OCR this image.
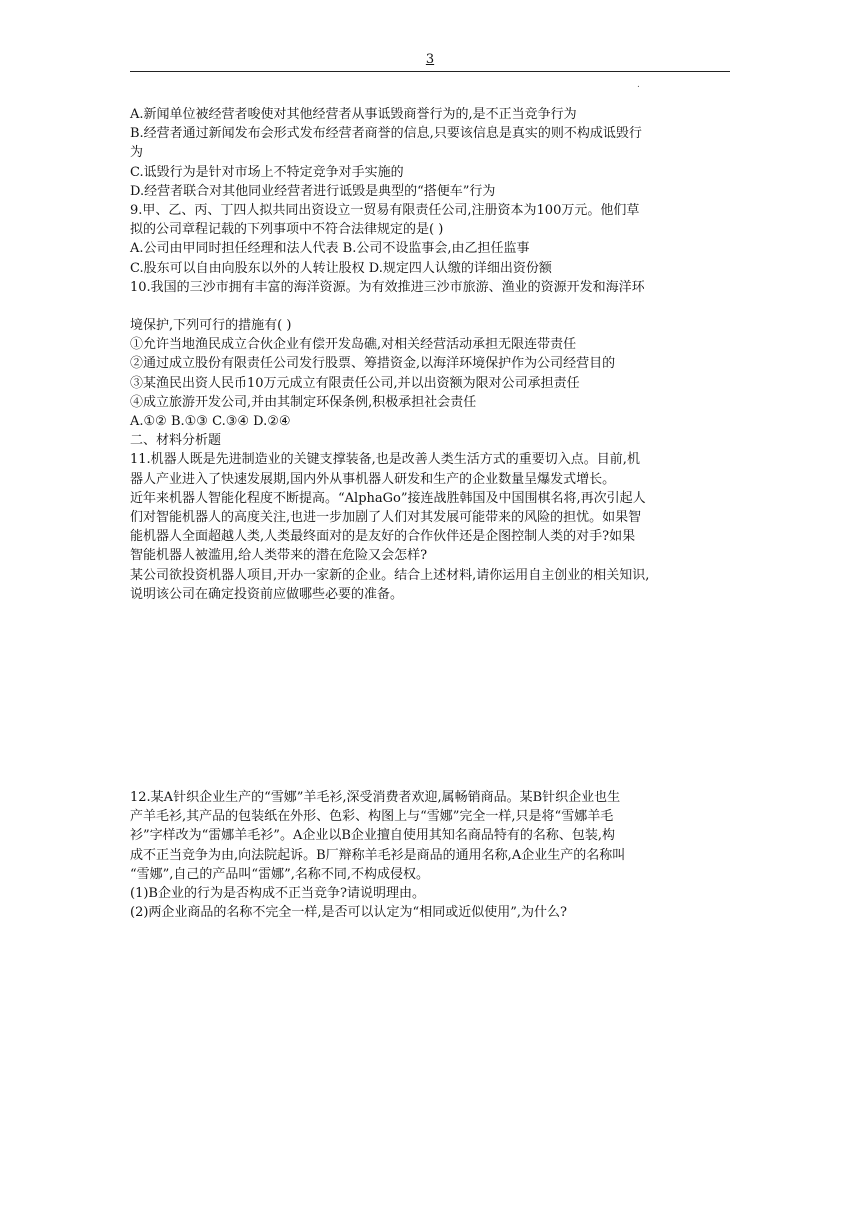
3
.
A.新闻单位被经营者唆使对其他经营者从事诋毁商誉行为的,是不正当竞争行为
B.经营者通过新闻发布会形式发布经营者商誉的信息,只要该信息是真实的则不构成诋毁行
为
C.诋毁行为是针对市场上不特定竞争对手实施的
D.经营者联合对其他同业经营者进行诋毁是典型的“搭便车”行为
9.甲、乙、丙、丁四人拟共同出资设立一贸易有限责任公司,注册资本为100万元。他们草
拟的公司章程记载的下列事项中不符合法律规定的是( )
A.公司由甲同时担任经理和法人代表 B.公司不设监事会,由乙担任监事
C.股东可以自由向股东以外的人转让股权 D.规定四人认缴的详细出资份额
10.我国的三沙市拥有丰富的海洋资源。为有效推进三沙市旅游、渔业的资源开发和海洋环
境保护,下列可行的措施有( )
①允许当地渔民成立合伙企业有偿开发岛礁,对相关经营活动承担无限连带责任
②通过成立股份有限责任公司发行股票、筹措资金,以海洋环境保护作为公司经营目的
③某渔民出资人民币10万元成立有限责任公司,并以出资额为限对公司承担责任
④成立旅游开发公司,并由其制定环保条例,积极承担社会责任
A.①② B.①③ C.③④ D.②④
二、材料分析题
11.机器人既是先进制造业的关键支撑装备,也是改善人类生活方式的重要切入点。目前,机
器人产业进入了快速发展期,国内外从事机器人研发和生产的企业数量呈爆发式增长。
近年来机器人智能化程度不断提高。“AlphaGo”接连战胜韩国及中国围棋名将,再次引起人
们对智能机器人的高度关注,也进一步加剧了人们对其发展可能带来的风险的担忧。如果智
能机器人全面超越人类,人类最终面对的是友好的合作伙伴还是企图控制人类的对手?如果
智能机器人被滥用,给人类带来的潜在危险又会怎样?
某公司欲投资机器人项目,开办一家新的企业。结合上述材料,请你运用自主创业的相关知识,
说明该公司在确定投资前应做哪些必要的准备。
12.某A针织企业生产的“雪娜”羊毛衫,深受消费者欢迎,属畅销商品。某B针织企业也生
产羊毛衫,其产品的包装纸在外形、色彩、构图上与“雪娜”完全一样,只是将“雪娜羊毛
衫”字样改为“雷娜羊毛衫”。A企业以B企业擅自使用其知名商品特有的名称、包装,构
成不正当竞争为由,向法院起诉。B厂辩称羊毛衫是商品的通用名称,A企业生产的名称叫
“雪娜”,自己的产品叫“雷娜”,名称不同,不构成侵权。
(1)B企业的行为是否构成不正当竞争?请说明理由。
(2)两企业商品的名称不完全一样,是否可以认定为“相同或近似使用”,为什么?
